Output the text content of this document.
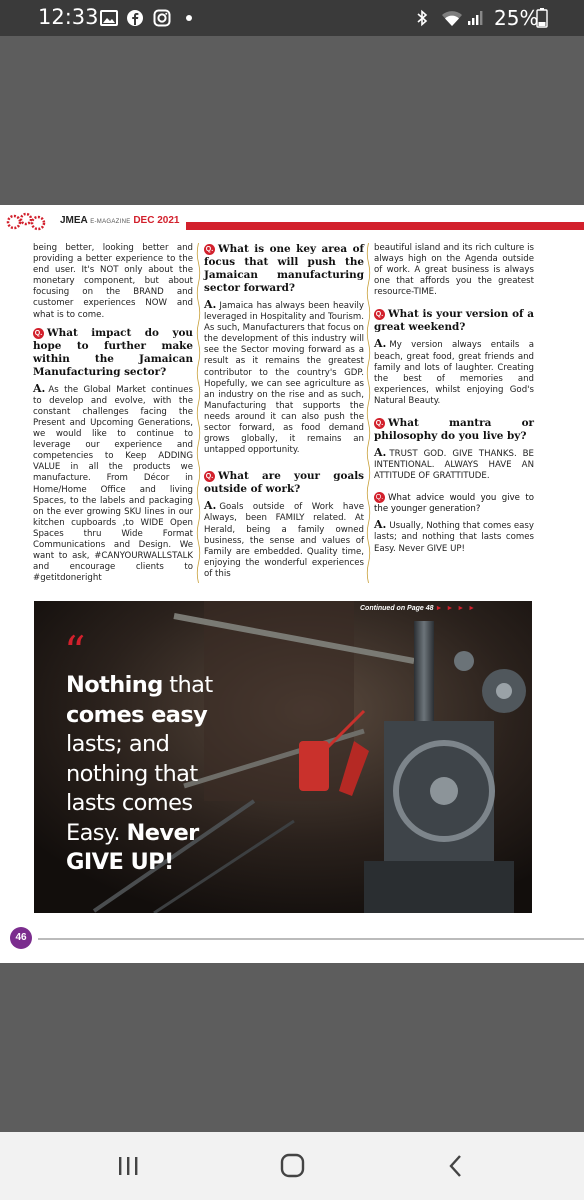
12:33	25%
JMEA E-MAGAZINE DEC 2021

being better, looking better and providing a better experience to the end user. It's NOT only about the monetary component, but about focusing on the BRAND and customer experiences NOW and what is to come.

Q. What impact do you hope to further make within the Jamaican Manufacturing sector?

A. As the Global Market continues to develop and evolve, with the constant challenges facing the Present and Upcoming Generations, we would like to continue to leverage our experience and competencies to Keep ADDING VALUE in all the products we manufacture. From Décor in Home/Home Office and living Spaces, to the labels and packaging on the ever growing SKU lines in our kitchen cupboards ,to WIDE Open Spaces thru Wide Format Communications and Design. We want to ask, #CANYOURWALLSTALK and encourage clients to #getitdoneright

Q. What is one key area of focus that will push the Jamaican manufacturing sector forward?

A. Jamaica has always been heavily leveraged in Hospitality and Tourism. As such, Manufacturers that focus on the development of this industry will see the Sector moving forward as a result as it remains the greatest contributor to the country's GDP. Hopefully, we can see agriculture as an industry on the rise and as such, Manufacturing that supports the needs around it can also push the sector forward, as food demand grows globally, it remains an untapped opportunity.

Q. What are your goals outside of work?

A. Goals outside of Work have Always, been FAMILY related. At Herald, being a family owned business, the sense and values of Family are embedded. Quality time, enjoying the wonderful experiences of this

beautiful island and its rich culture is always high on the Agenda outside of work. A great business is always one that affords you the greatest resource-TIME.

Q. What is your version of a great weekend?

A. My version always entails a beach, great food, great friends and family and lots of laughter. Creating the best of memories and experiences, whilst enjoying God's Natural Beauty.

Q. What mantra or philosophy do you live by?

A. TRUST GOD. GIVE THANKS. BE INTENTIONAL. ALWAYS HAVE AN ATTITUDE OF GRATTITUDE.

Q. What advice would you give to the younger generation?

A. Usually, Nothing that comes easy lasts; and nothing that lasts comes Easy. Never GIVE UP!

“
Nothing that
comes easy
lasts; and
nothing that
lasts comes
Easy. Never
GIVE UP!
Continued on Page 48 ► ► ► ►
46
